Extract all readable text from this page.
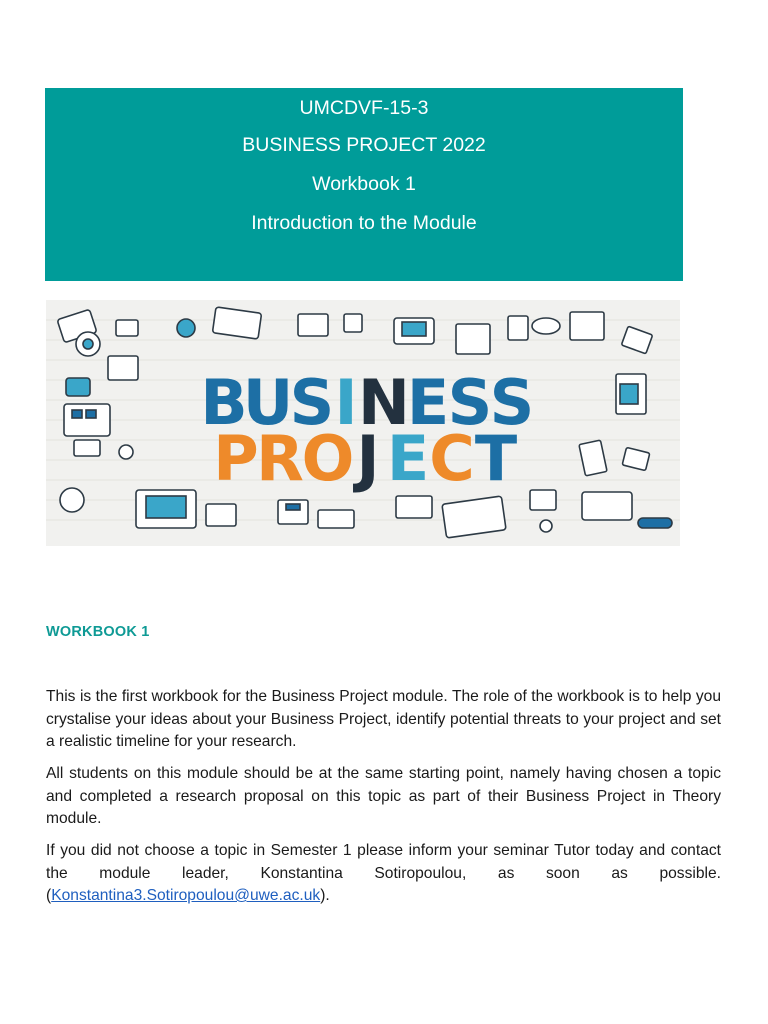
UMCDVF-15-3
BUSINESS PROJECT 2022
Workbook 1
Introduction to the Module
B
U
S I N
E
S
S
P
R
O J E C T
WORKBOOK 1

This is the first workbook for the Business Project module. The role of the workbook is to help you crystalise your ideas about your Business Project, identify potential threats to your project and set a realistic timeline for your research.

All students on this module should be at the same starting point, namely having chosen a topic and completed a research proposal on this topic as part of their Business Project in Theory module.

If you did not choose a topic in Semester 1 please inform your seminar Tutor today and contact the module leader, Konstantina Sotiropoulou, as soon as possible. (Konstantina3.Sotiropoulou@uwe.ac.uk).
